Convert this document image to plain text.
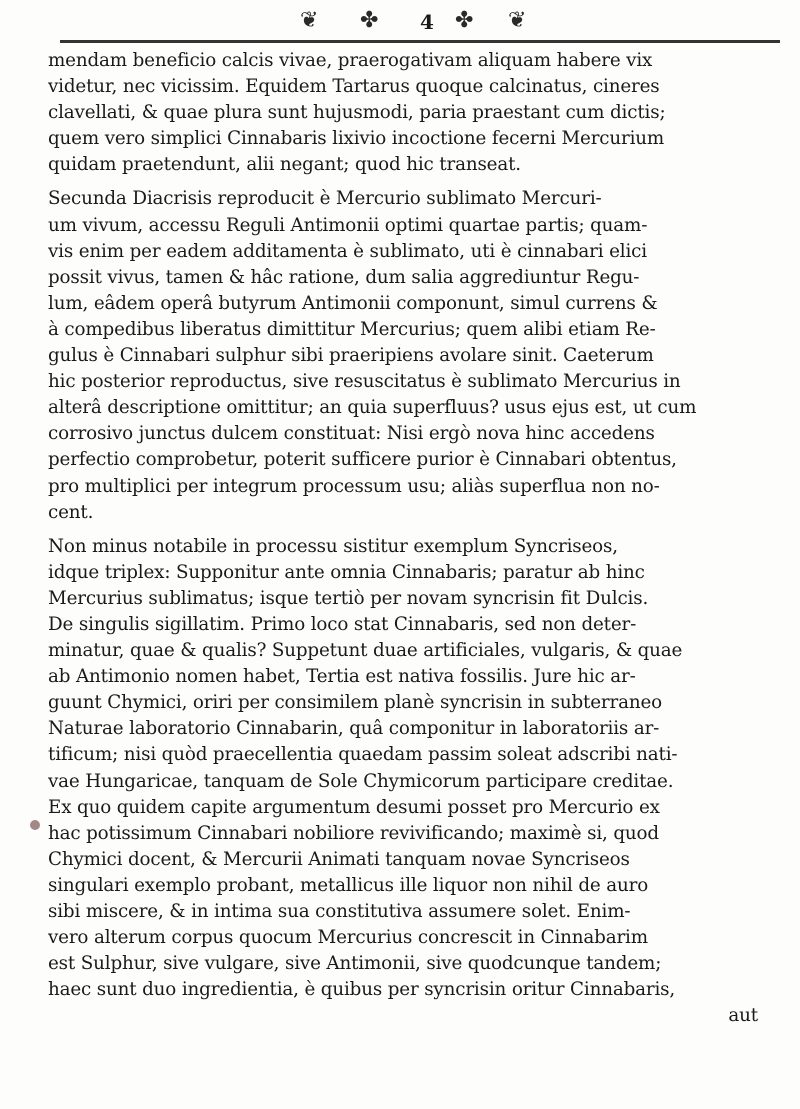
❦ ✤ 4 ✤ ❦
mendam beneficio calcis vivae, praerogativam aliquam habere vix
videtur, nec vicissim. Equidem Tartarus quoque calcinatus, cineres
clavellati, & quae plura sunt hujusmodi, paria praestant cum dictis;
quem vero simplici Cinnabaris lixivio incoctione fecerni Mercurium
quidam praetendunt, alii negant; quod hic transeat.
Secunda Diacrisis reproducit è Mercurio sublimato Mercuri-
um vivum, accessu Reguli Antimonii optimi quartae partis; quam-
vis enim per eadem additamenta è sublimato, uti è cinnabari elici
possit vivus, tamen & hâc ratione, dum salia aggrediuntur Regu-
lum, eâdem operâ butyrum Antimonii componunt, simul currens &
à compedibus liberatus dimittitur Mercurius; quem alibi etiam Re-
gulus è Cinnabari sulphur sibi praeripiens avolare sinit. Caeterum
hic posterior reproductus, sive resuscitatus è sublimato Mercurius in
alterâ descriptione omittitur; an quia superfluus? usus ejus est, ut cum
corrosivo junctus dulcem constituat: Nisi ergò nova hinc accedens
perfectio comprobetur, poterit sufficere purior è Cinnabari obtentus,
pro multiplici per integrum processum usu; aliàs superflua non no-
cent.
Non minus notabile in processu sistitur exemplum Syncriseos,
idque triplex: Supponitur ante omnia Cinnabaris; paratur ab hinc
Mercurius sublimatus; isque tertiò per novam syncrisin fit Dulcis.
De singulis sigillatim. Primo loco stat Cinnabaris, sed non deter-
minatur, quae & qualis? Suppetunt duae artificiales, vulgaris, & quae
ab Antimonio nomen habet, Tertia est nativa fossilis. Jure hic ar-
guunt Chymici, oriri per consimilem planè syncrisin in subterraneo
Naturae laboratorio Cinnabarin, quâ componitur in laboratoriis ar-
tificum; nisi quòd praecellentia quaedam passim soleat adscribi nati-
vae Hungaricae, tanquam de Sole Chymicorum participare creditae.
Ex quo quidem capite argumentum desumi posset pro Mercurio ex
hac potissimum Cinnabari nobiliore revivificando; maximè si, quod
Chymici docent, & Mercurii Animati tanquam novae Syncriseos
singulari exemplo probant, metallicus ille liquor non nihil de auro
sibi miscere, & in intima sua constitutiva assumere solet. Enim-
vero alterum corpus quocum Mercurius concrescit in Cinnabarim
est Sulphur, sive vulgare, sive Antimonii, sive quodcunque tandem;
haec sunt duo ingredientia, è quibus per syncrisin oritur Cinnabaris,
aut
